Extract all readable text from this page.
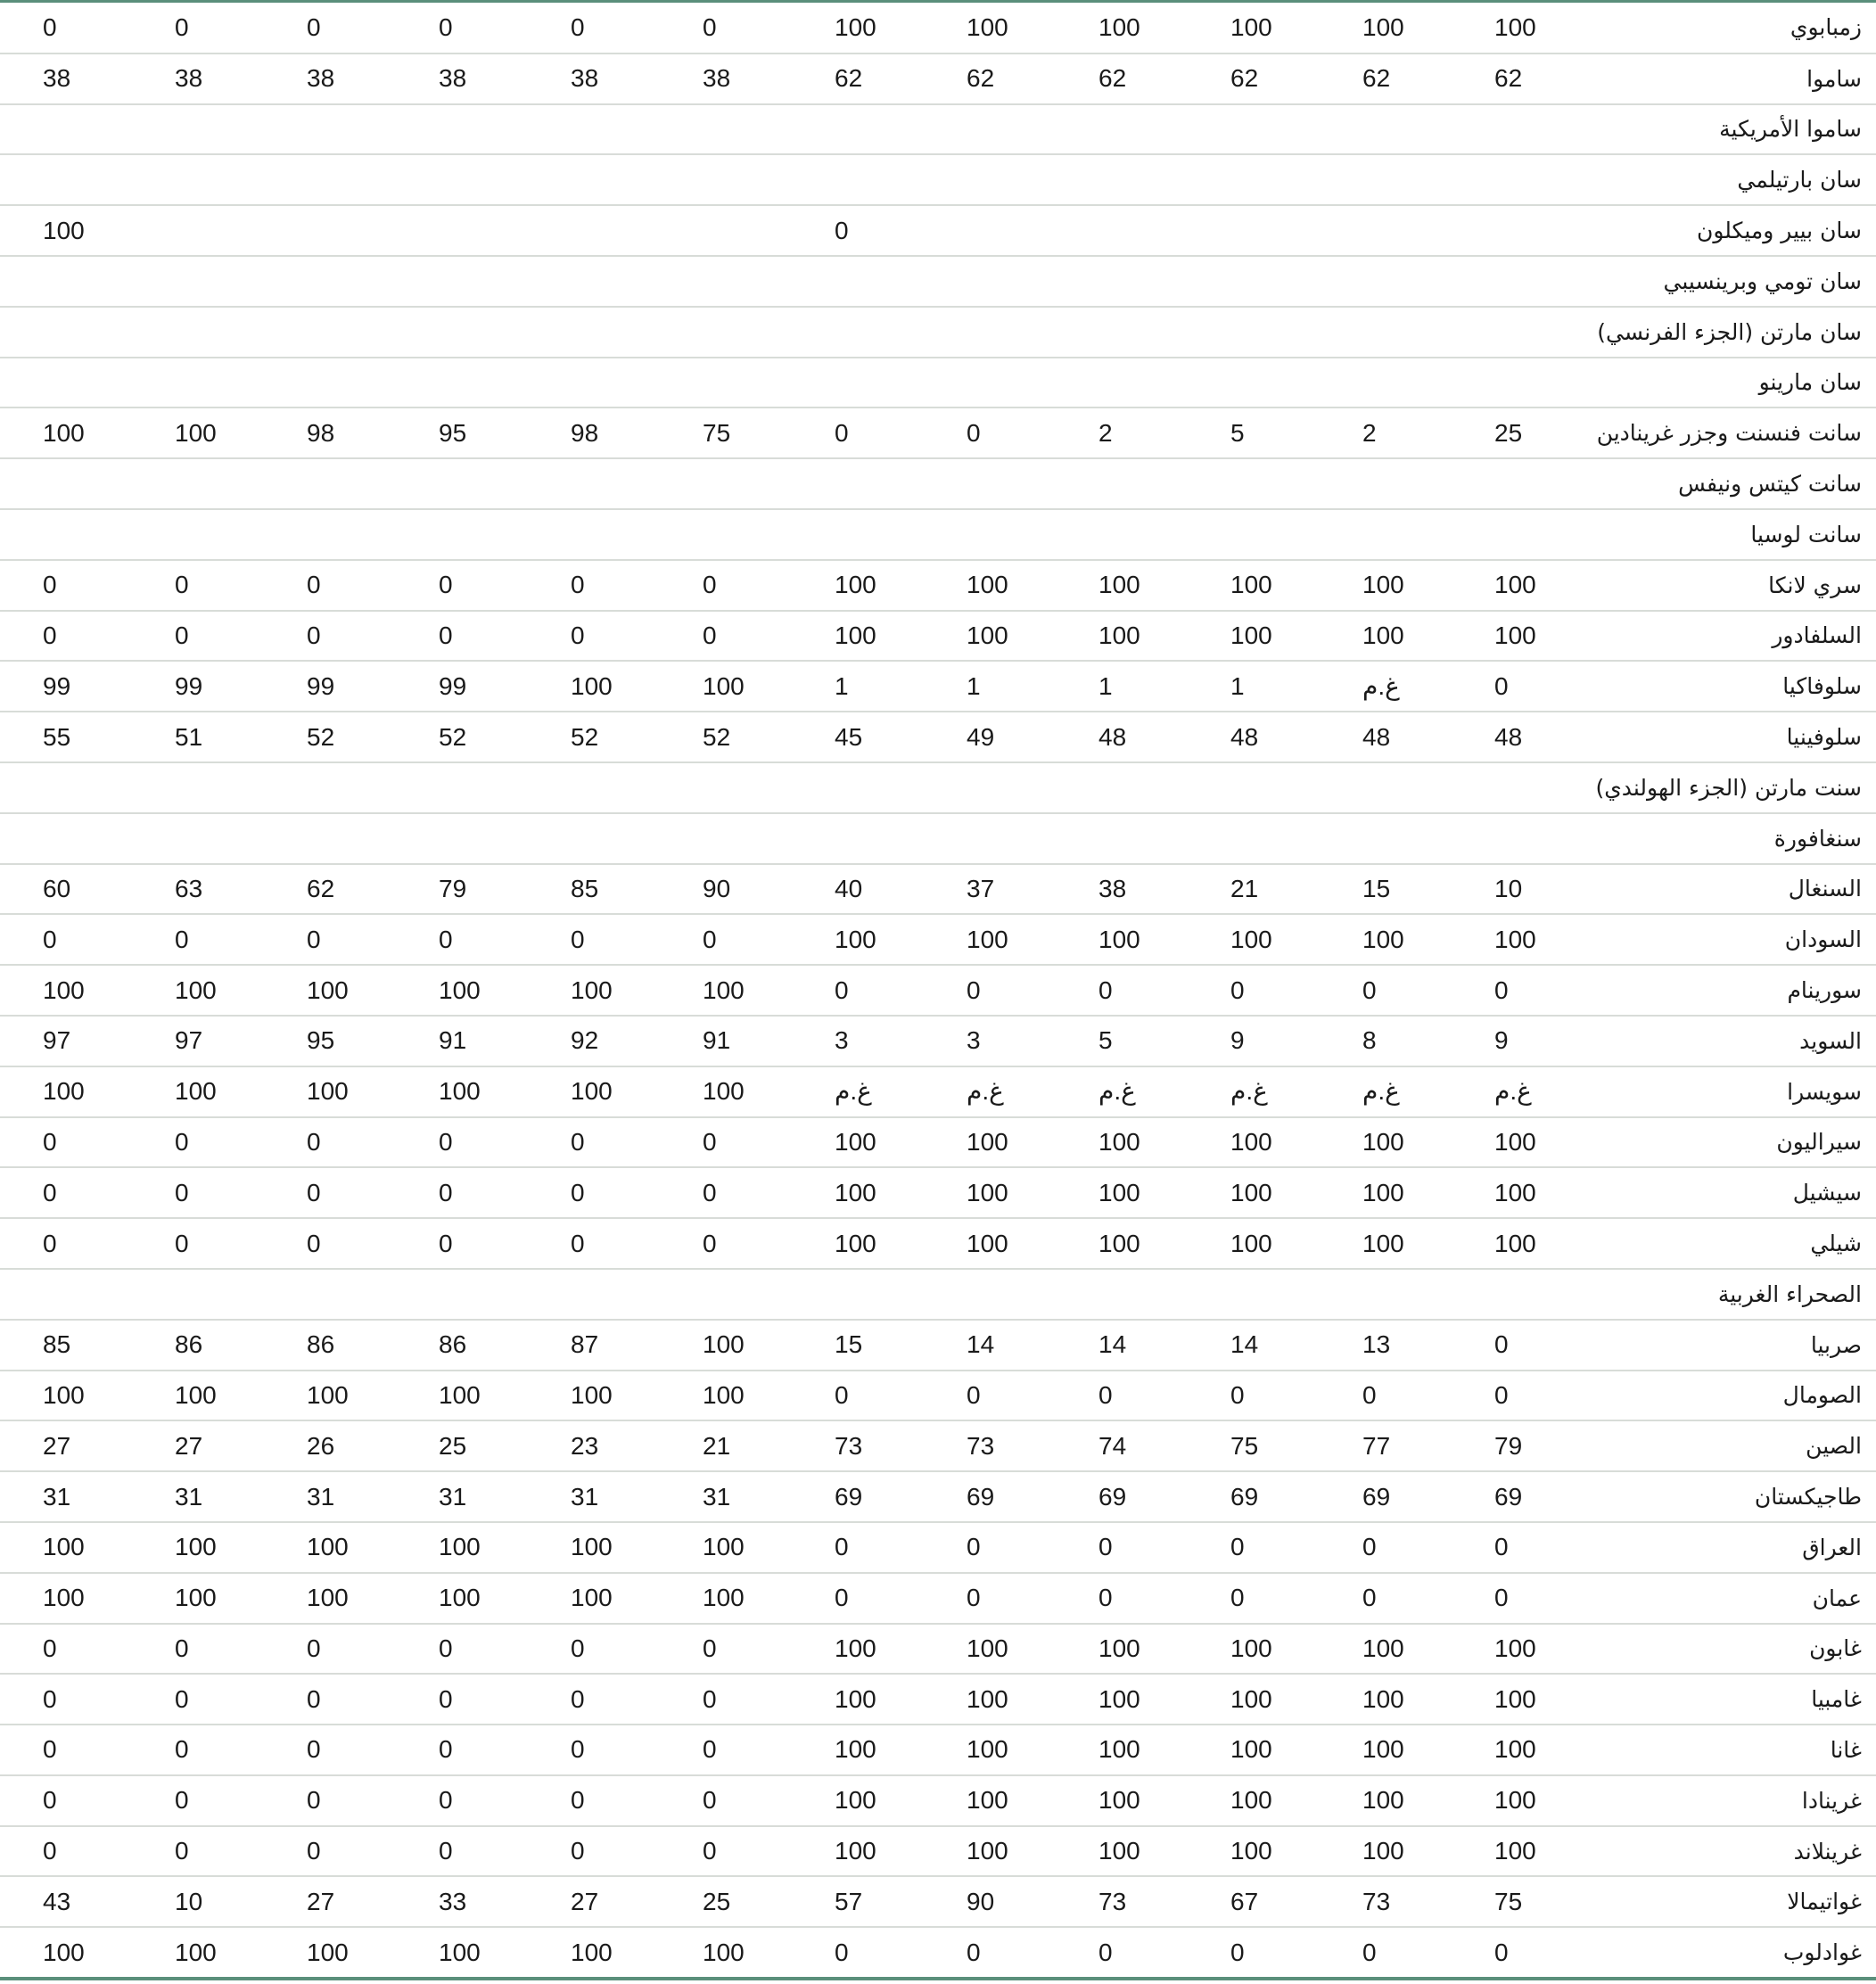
0	0	0	0	0	0	100	100	100	100	100	100	زمبابوي
38	38	38	38	38	38	62	62	62	62	62	62	ساموا
												ساموا الأمريكية
												سان بارتيلمي
100						0						سان بيير وميكلون
												سان تومي وبرينسيبي
												سان مارتن (الجزء الفرنسي)
												سان مارينو
100	100	98	95	98	75	0	0	2	5	2	25	سانت فنسنت وجزر غرينادين
												سانت كيتس ونيفس
												سانت لوسيا
0	0	0	0	0	0	100	100	100	100	100	100	سري لانكا
0	0	0	0	0	0	100	100	100	100	100	100	السلفادور
99	99	99	99	100	100	1	1	1	1	غ.م	0	سلوفاكيا
55	51	52	52	52	52	45	49	48	48	48	48	سلوفينيا
												سنت مارتن (الجزء الهولندي)
												سنغافورة
60	63	62	79	85	90	40	37	38	21	15	10	السنغال
0	0	0	0	0	0	100	100	100	100	100	100	السودان
100	100	100	100	100	100	0	0	0	0	0	0	سورينام
97	97	95	91	92	91	3	3	5	9	8	9	السويد
100	100	100	100	100	100	غ.م	غ.م	غ.م	غ.م	غ.م	غ.م	سويسرا
0	0	0	0	0	0	100	100	100	100	100	100	سيراليون
0	0	0	0	0	0	100	100	100	100	100	100	سيشيل
0	0	0	0	0	0	100	100	100	100	100	100	شيلي
												الصحراء الغربية
85	86	86	86	87	100	15	14	14	14	13	0	صربيا
100	100	100	100	100	100	0	0	0	0	0	0	الصومال
27	27	26	25	23	21	73	73	74	75	77	79	الصين
31	31	31	31	31	31	69	69	69	69	69	69	طاجيكستان
100	100	100	100	100	100	0	0	0	0	0	0	العراق
100	100	100	100	100	100	0	0	0	0	0	0	عمان
0	0	0	0	0	0	100	100	100	100	100	100	غابون
0	0	0	0	0	0	100	100	100	100	100	100	غامبيا
0	0	0	0	0	0	100	100	100	100	100	100	غانا
0	0	0	0	0	0	100	100	100	100	100	100	غرينادا
0	0	0	0	0	0	100	100	100	100	100	100	غرينلاند
43	10	27	33	27	25	57	90	73	67	73	75	غواتيمالا
100	100	100	100	100	100	0	0	0	0	0	0	غوادلوب
